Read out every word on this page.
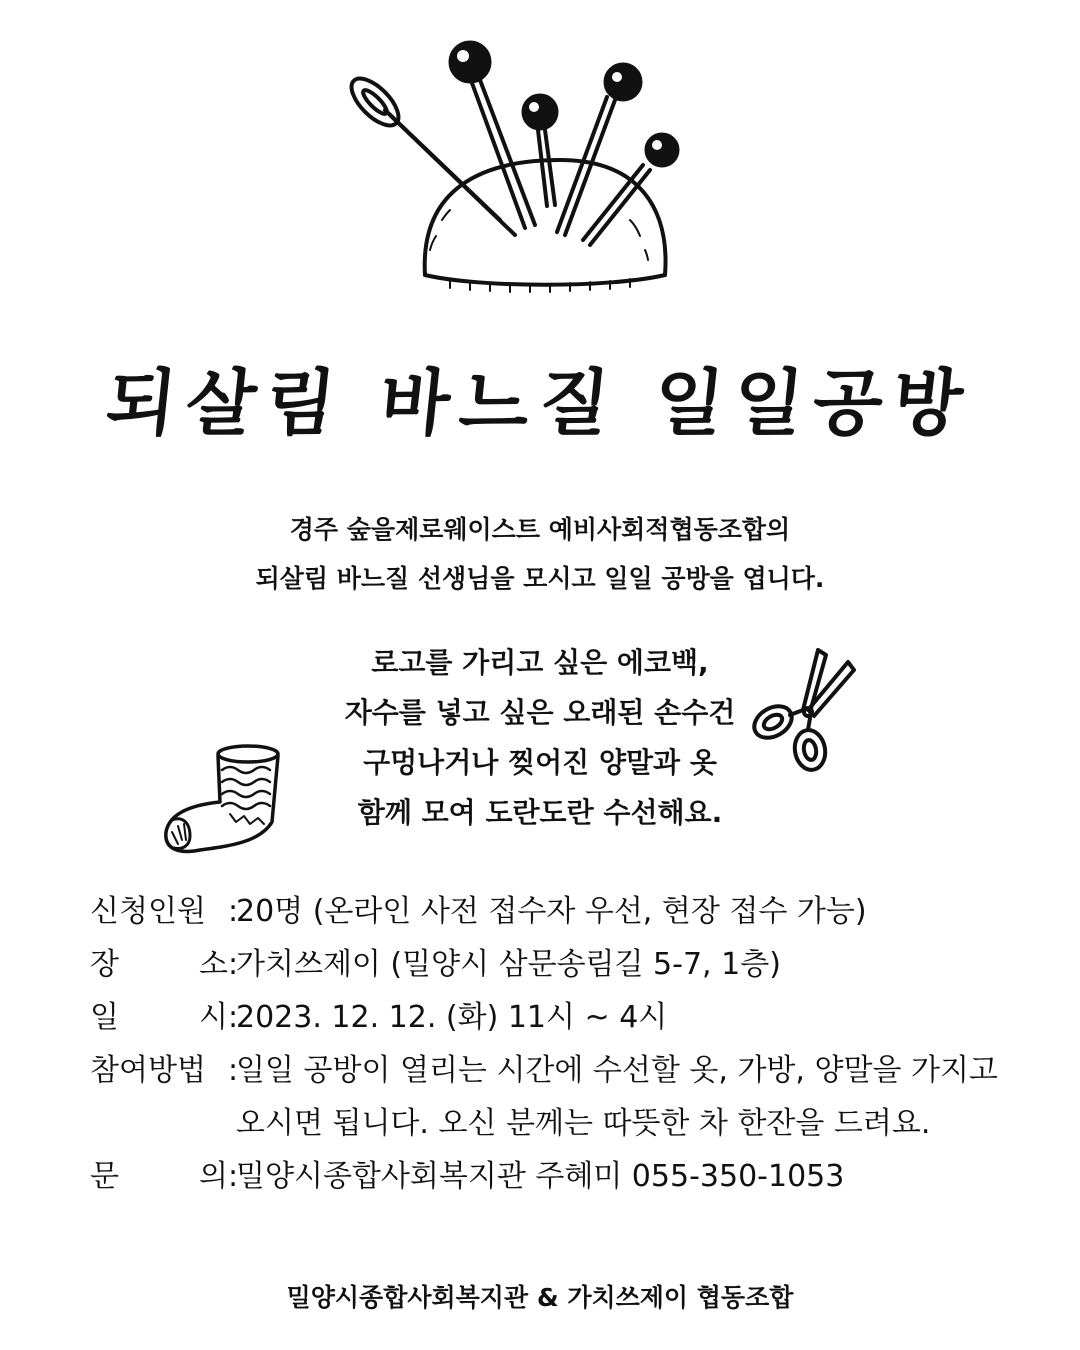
되살림 바느질 일일공방
경주 숲을제로웨이스트 예비사회적협동조합의
되살림 바느질 선생님을 모시고 일일 공방을 엽니다.
로고를 가리고 싶은 에코백,
자수를 넣고 싶은 오래된 손수건
구멍나거나 찢어진 양말과 옷
함께 모여 도란도란 수선해요.
신청인원 :
20명 (온라인 사전 접수자 우선, 현장 접수 가능)
장	소 :
가치쓰제이 (밀양시 삼문송림길 5-7, 1층)
일	시 :
2023. 12. 12. (화) 11시 ~ 4시
참여방법 :
일일 공방이 열리는 시간에 수선할 옷, 가방, 양말을 가지고
오시면 됩니다. 오신 분께는 따뜻한 차 한잔을 드려요.
문	의 :
밀양시종합사회복지관 주혜미 055-350-1053
밀양시종합사회복지관 & 가치쓰제이 협동조합
